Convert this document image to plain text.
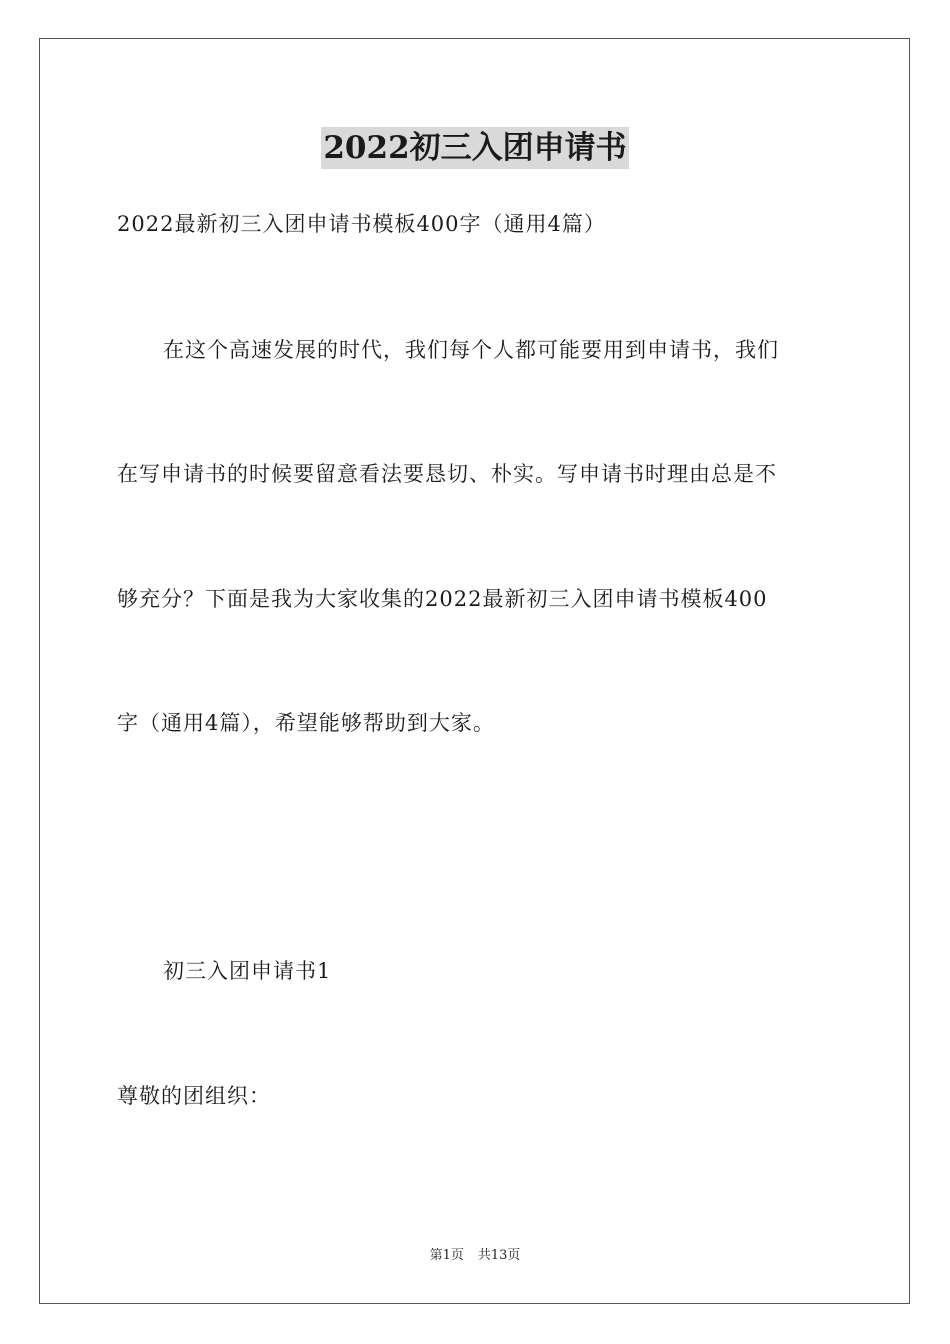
2022初三入团申请书
2022最新初三入团申请书模板400字（通用4篇）
在这个高速发展的时代，我们每个人都可能要用到申请书，我们
在写申请书的时候要留意看法要恳切、朴实。写申请书时理由总是不
够充分？下面是我为大家收集的2022最新初三入团申请书模板400
字（通用4篇），希望能够帮助到大家。
初三入团申请书1
尊敬的团组织：
第1页 共13页
